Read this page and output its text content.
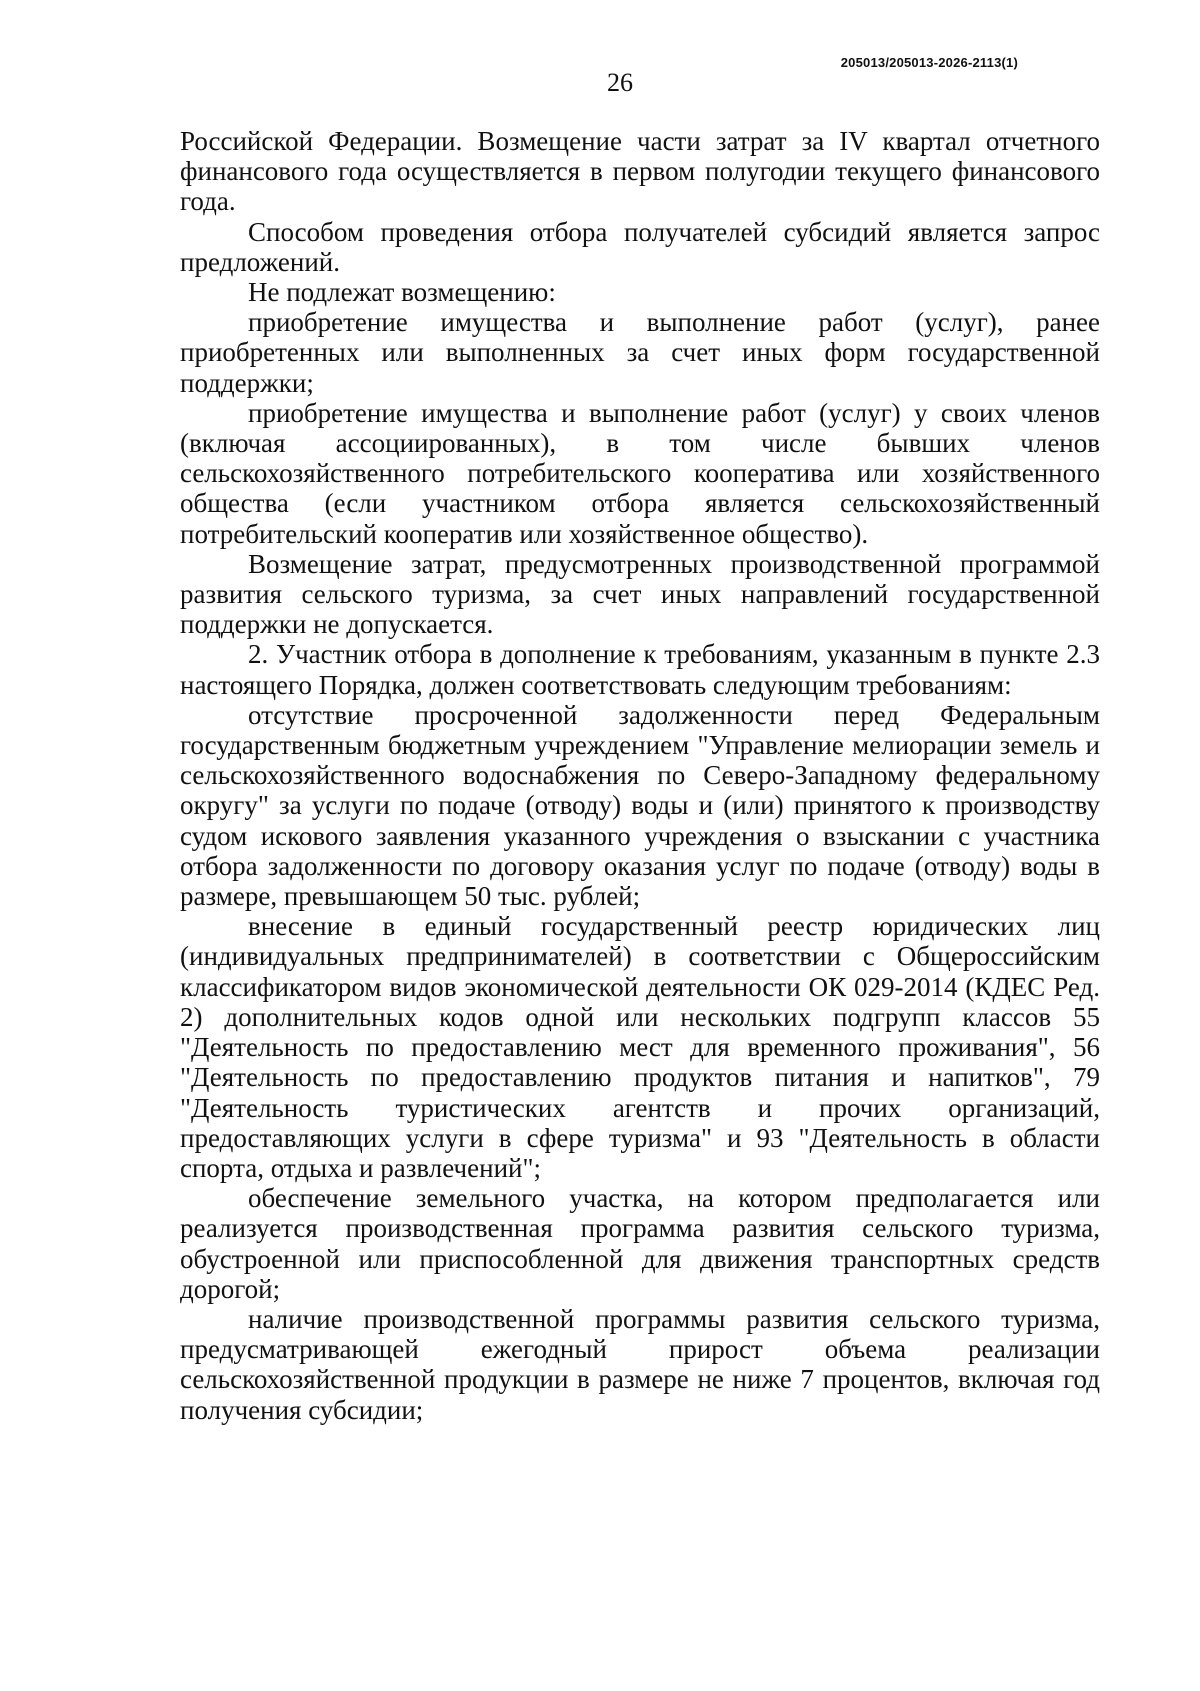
205013/205013-2026-2113(1)
26

Российской Федерации. Возмещение части затрат за IV квартал отчетного финансового года осуществляется в первом полугодии текущего финансового года.

Способом проведения отбора получателей субсидий является запрос предложений.

Не подлежат возмещению:

приобретение имущества и выполнение работ (услуг), ранее приобретенных или выполненных за счет иных форм государственной поддержки;

приобретение имущества и выполнение работ (услуг) у своих членов (включая ассоциированных), в том числе бывших членов сельскохозяйственного потребительского кооператива или хозяйственного общества (если участником отбора является сельскохозяйственный потребительский кооператив или хозяйственное общество).

Возмещение затрат, предусмотренных производственной программой развития сельского туризма, за счет иных направлений государственной поддержки не допускается.

2. Участник отбора в дополнение к требованиям, указанным в пункте 2.3 настоящего Порядка, должен соответствовать следующим требованиям:

отсутствие просроченной задолженности перед Федеральным государственным бюджетным учреждением "Управление мелиорации земель и сельскохозяйственного водоснабжения по Северо-Западному федеральному округу" за услуги по подаче (отводу) воды и (или) принятого к производству судом искового заявления указанного учреждения о взыскании с участника отбора задолженности по договору оказания услуг по подаче (отводу) воды в размере, превышающем 50 тыс. рублей;

внесение в единый государственный реестр юридических лиц (индивидуальных предпринимателей) в соответствии с Общероссийским классификатором видов экономической деятельности ОК 029-2014 (КДЕС Ред. 2) дополнительных кодов одной или нескольких подгрупп классов 55 "Деятельность по предоставлению мест для временного проживания", 56 "Деятельность по предоставлению продуктов питания и напитков", 79 "Деятельность туристических агентств и прочих организаций, предоставляющих услуги в сфере туризма" и 93 "Деятельность в области спорта, отдыха и развлечений";

обеспечение земельного участка, на котором предполагается или реализуется производственная программа развития сельского туризма, обустроенной или приспособленной для движения транспортных средств дорогой;

наличие производственной программы развития сельского туризма, предусматривающей ежегодный прирост объема реализации сельскохозяйственной продукции в размере не ниже 7 процентов, включая год получения субсидии;
